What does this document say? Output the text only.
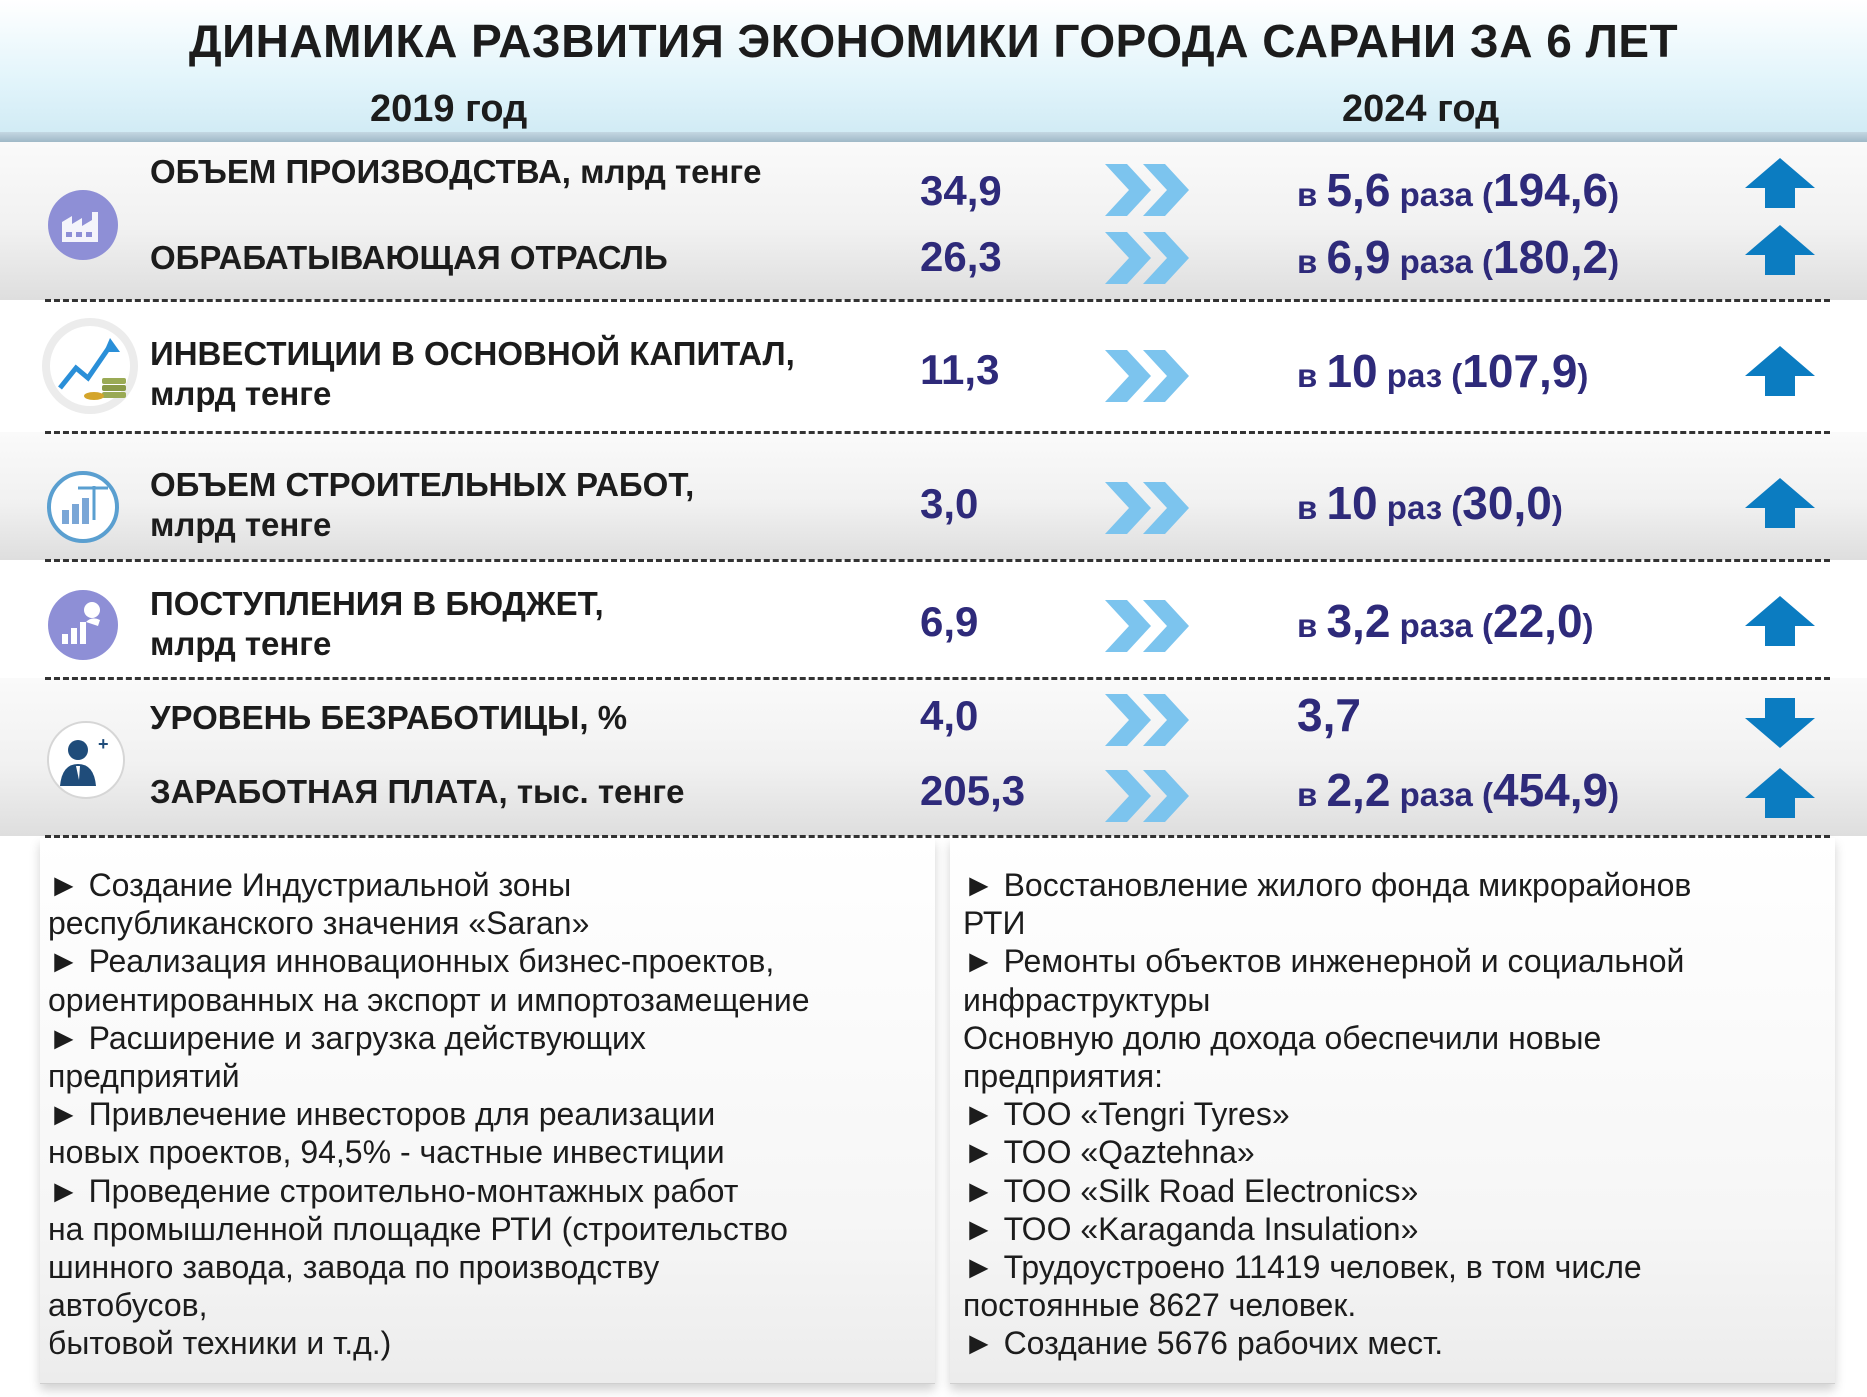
ДИНАМИКА РАЗВИТИЯ ЭКОНОМИКИ ГОРОДА САРАНИ ЗА 6 ЛЕТ
2019 год	2024 год
+
ОБЪЕМ ПРОИЗВОДСТВА, млрд тенге	34,9	в 5,6 раза (194,6)
ОБРАБАТЫВАЮЩАЯ ОТРАСЛЬ	26,3	в 6,9 раза (180,2)
ИНВЕСТИЦИИ В ОСНОВНОЙ КАПИТАЛ,
млрд тенге
11,3	в 10 раз (107,9)
ОБЪЕМ СТРОИТЕЛЬНЫХ РАБОТ,
млрд тенге	3,0	в 10 раз (30,0)
ПОСТУПЛЕНИЯ В БЮДЖЕТ,
млрд тенге	6,9	в 3,2 раза (22,0)
УРОВЕНЬ БЕЗРАБОТИЦЫ, %	4,0	3,7
ЗАРАБОТНАЯ ПЛАТА, тыс. тенге	205,3	в 2,2 раза (454,9)
► Создание Индустриальной зоны
республиканского значения «Saran»
► Реализация инновационных бизнес-проектов,
ориентированных на экспорт и импортозамещение
► Расширение и загрузка действующих
предприятий
► Привлечение инвесторов для реализации
новых проектов, 94,5% - частные инвестиции
► Проведение строительно-монтажных работ
на промышленной площадке РТИ (строительство
шинного завода, завода по производству
автобусов,
бытовой техники и т.д.)
► Восстановление жилого фонда микрорайонов
РТИ
► Ремонты объектов инженерной и социальной
инфраструктуры
Основную долю дохода обеспечили новые
предприятия:
► ТОО «Tengri Tyres»
► ТОО «Qaztehna»
► ТОО «Silk Road Electronics»
► ТОО «Karaganda Insulation»
► Трудоустроено 11419 человек, в том числе
постоянные 8627 человек.
► Создание 5676 рабочих мест.
